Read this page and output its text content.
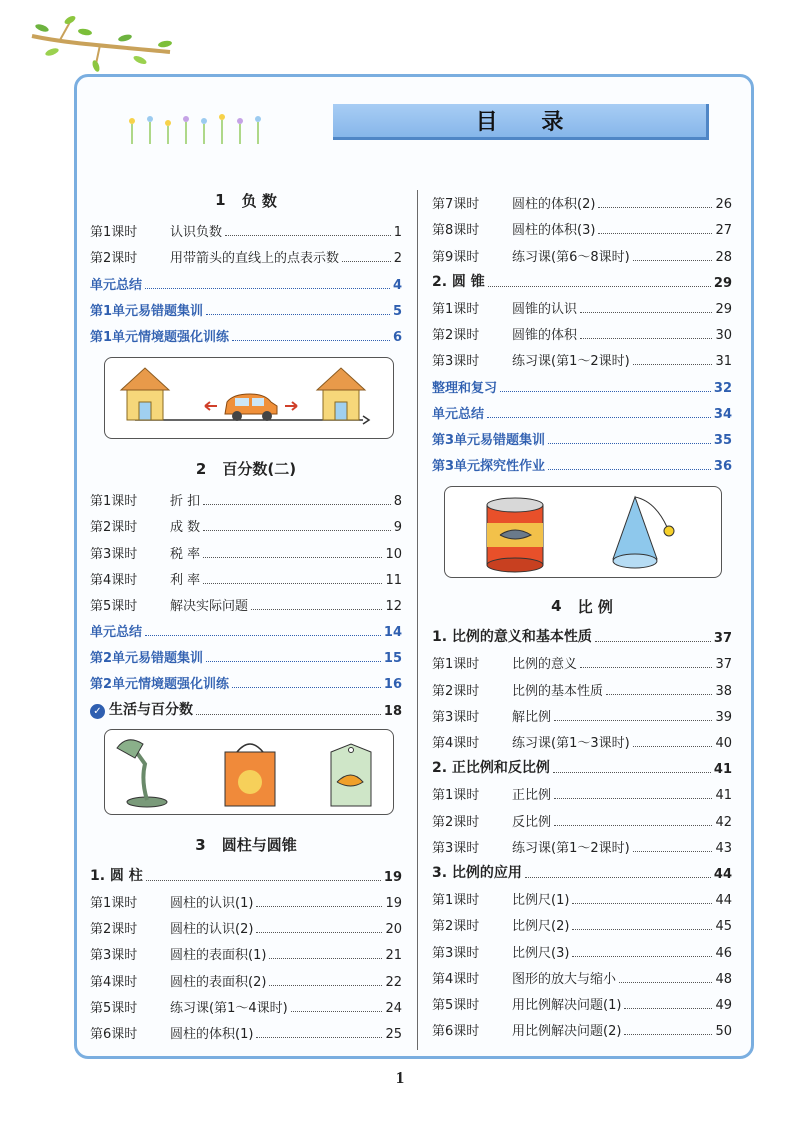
目 录
1 负 数
第1课时	认识负数	1
第2课时	用带箭头的直线上的点表示数	2
单元总结	4
第1单元易错题集训	5
第1单元情境题强化训练	6
2 百分数(二)
第1课时	折 扣	8
第2课时	成 数	9
第3课时	税 率	10
第4课时	利 率	11
第5课时	解决实际问题	12
单元总结	14
第2单元易错题集训	15
第2单元情境题强化训练	16
✓ 生活与百分数	18
3 圆柱与圆锥
1. 圆 柱	19
第1课时	圆柱的认识(1)	19
第2课时	圆柱的认识(2)	20
第3课时	圆柱的表面积(1)	21
第4课时	圆柱的表面积(2)	22
第5课时	练习课(第1～4课时)	24
第6课时	圆柱的体积(1)	25
第7课时	圆柱的体积(2)	26
第8课时	圆柱的体积(3)	27
第9课时	练习课(第6～8课时)	28
2. 圆 锥	29
第1课时	圆锥的认识	29
第2课时	圆锥的体积	30
第3课时	练习课(第1～2课时)	31
整理和复习	32
单元总结	34
第3单元易错题集训	35
第3单元探究性作业	36
4 比 例
1. 比例的意义和基本性质	37
第1课时	比例的意义	37
第2课时	比例的基本性质	38
第3课时	解比例	39
第4课时	练习课(第1～3课时)	40
2. 正比例和反比例	41
第1课时	正比例	41
第2课时	反比例	42
第3课时	练习课(第1～2课时)	43
3. 比例的应用	44
第1课时	比例尺(1)	44
第2课时	比例尺(2)	45
第3课时	比例尺(3)	46
第4课时	图形的放大与缩小	48
第5课时	用比例解决问题(1)	49
第6课时	用比例解决问题(2)	50
1
